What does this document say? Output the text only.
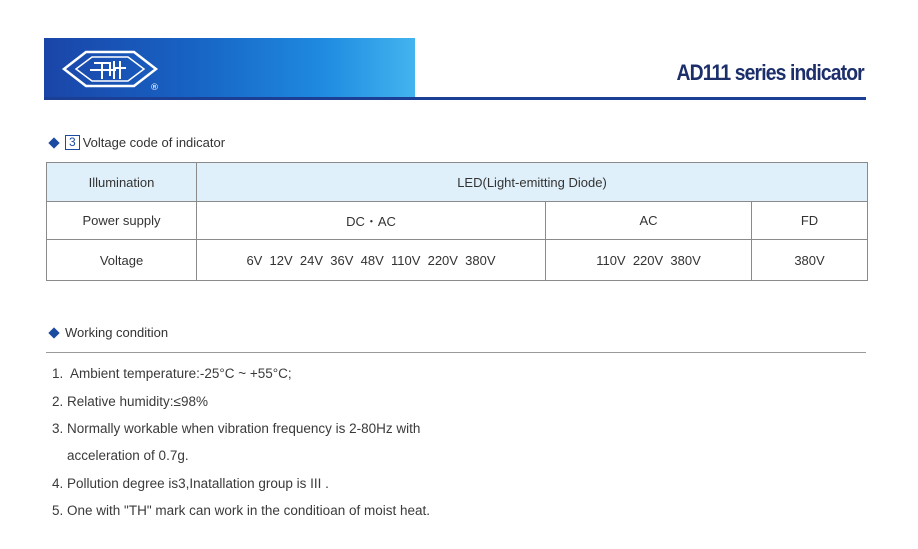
®
AD111 series indicator
3 Voltage code of indicator
Illumination	LED(Light-emitting Diode)		
Power supply	DC・AC	AC	FD
Voltage	6V  12V  24V  36V  48V  110V  220V  380V	110V  220V  380V	380V
Working condition
1.  Ambient temperature:-25°C ~ +55°C;
2. Relative humidity:≤98%
3. Normally workable when vibration frequency is 2-80Hz with
acceleration of 0.7g.
4. Pollution degree is3,Inatallation group is III .
5. One with "TH" mark can work in the conditioan of moist heat.
